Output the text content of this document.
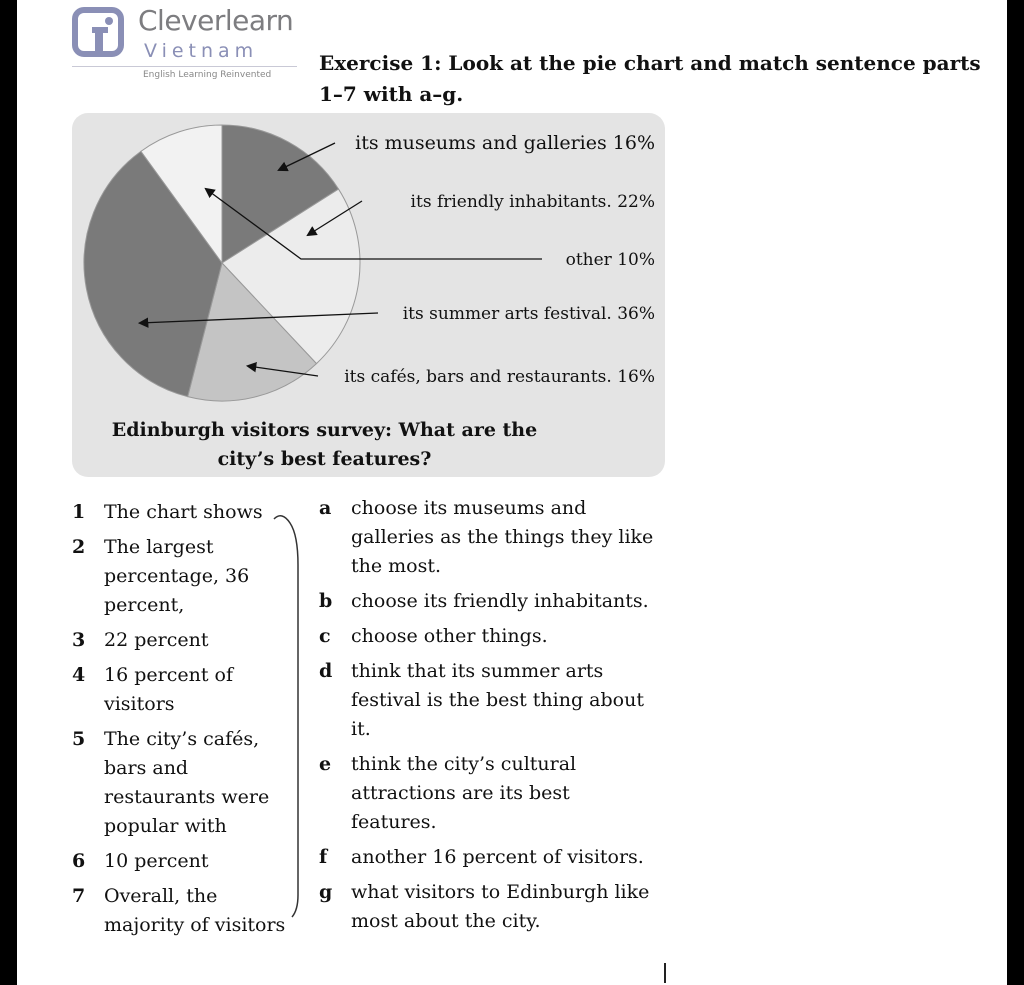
Cleverlearn
Vietnam
English Learning Reinvented Exercise 1: Look at the pie chart and match sentence parts 1–7 with a–g.
its museums and galleries 16%
its friendly inhabitants. 22%
its cafés, bars and restaurants. 16%
its summer arts festival. 36%
other 10%
Edinburgh visitors survey: What are the city’s best features?
1 The chart shows
2 The largest percentage, 36 percent,
3 22 percent
4 16 percent of visitors
5 The city’s cafés, bars and restaurants were popular with
6 10 percent
7 Overall, the majority of visitors
a choose its museums and galleries as the things they like the most.
b choose its friendly inhabitants.
c choose other things.
d think that its summer arts festival is the best thing about it.
e think the city’s cultural attractions are its best features.
f another 16 percent of visitors.
g what visitors to Edinburgh like most about the city.
